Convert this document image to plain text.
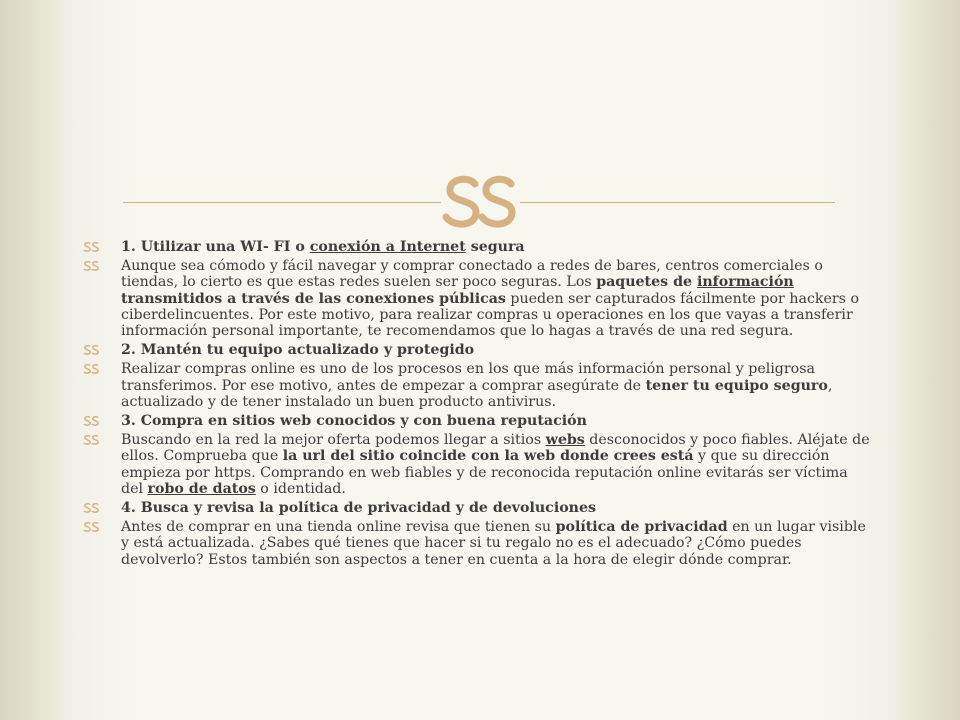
1. Utilizar una WI- FI o conexión a Internet segura
Aunque sea cómodo y fácil navegar y comprar conectado a redes de bares, centros comerciales o tiendas, lo cierto es que estas redes suelen ser poco seguras. Los paquetes de información transmitidos a través de las conexiones públicas pueden ser capturados fácilmente por hackers o ciberdelincuentes. Por este motivo, para realizar compras u operaciones en los que vayas a transferir información personal importante, te recomendamos que lo hagas a través de una red segura.
2. Mantén tu equipo actualizado y protegido
Realizar compras online es uno de los procesos en los que más información personal y peligrosa transferimos. Por ese motivo, antes de empezar a comprar asegúrate de tener tu equipo seguro, actualizado y de tener instalado un buen producto antivirus.
3. Compra en sitios web conocidos y con buena reputación
Buscando en la red la mejor oferta podemos llegar a sitios webs desconocidos y poco fiables. Aléjate de ellos. Comprueba que la url del sitio coincide con la web donde crees está y que su dirección empieza por https. Comprando en web fiables y de reconocida reputación online evitarás ser víctima del robo de datos o identidad.
4. Busca y revisa la política de privacidad y de devoluciones
Antes de comprar en una tienda online revisa que tienen su política de privacidad en un lugar visible y está actualizada. ¿Sabes qué tienes que hacer si tu regalo no es el adecuado? ¿Cómo puedes devolverlo? Estos también son aspectos a tener en cuenta a la hora de elegir dónde comprar.
